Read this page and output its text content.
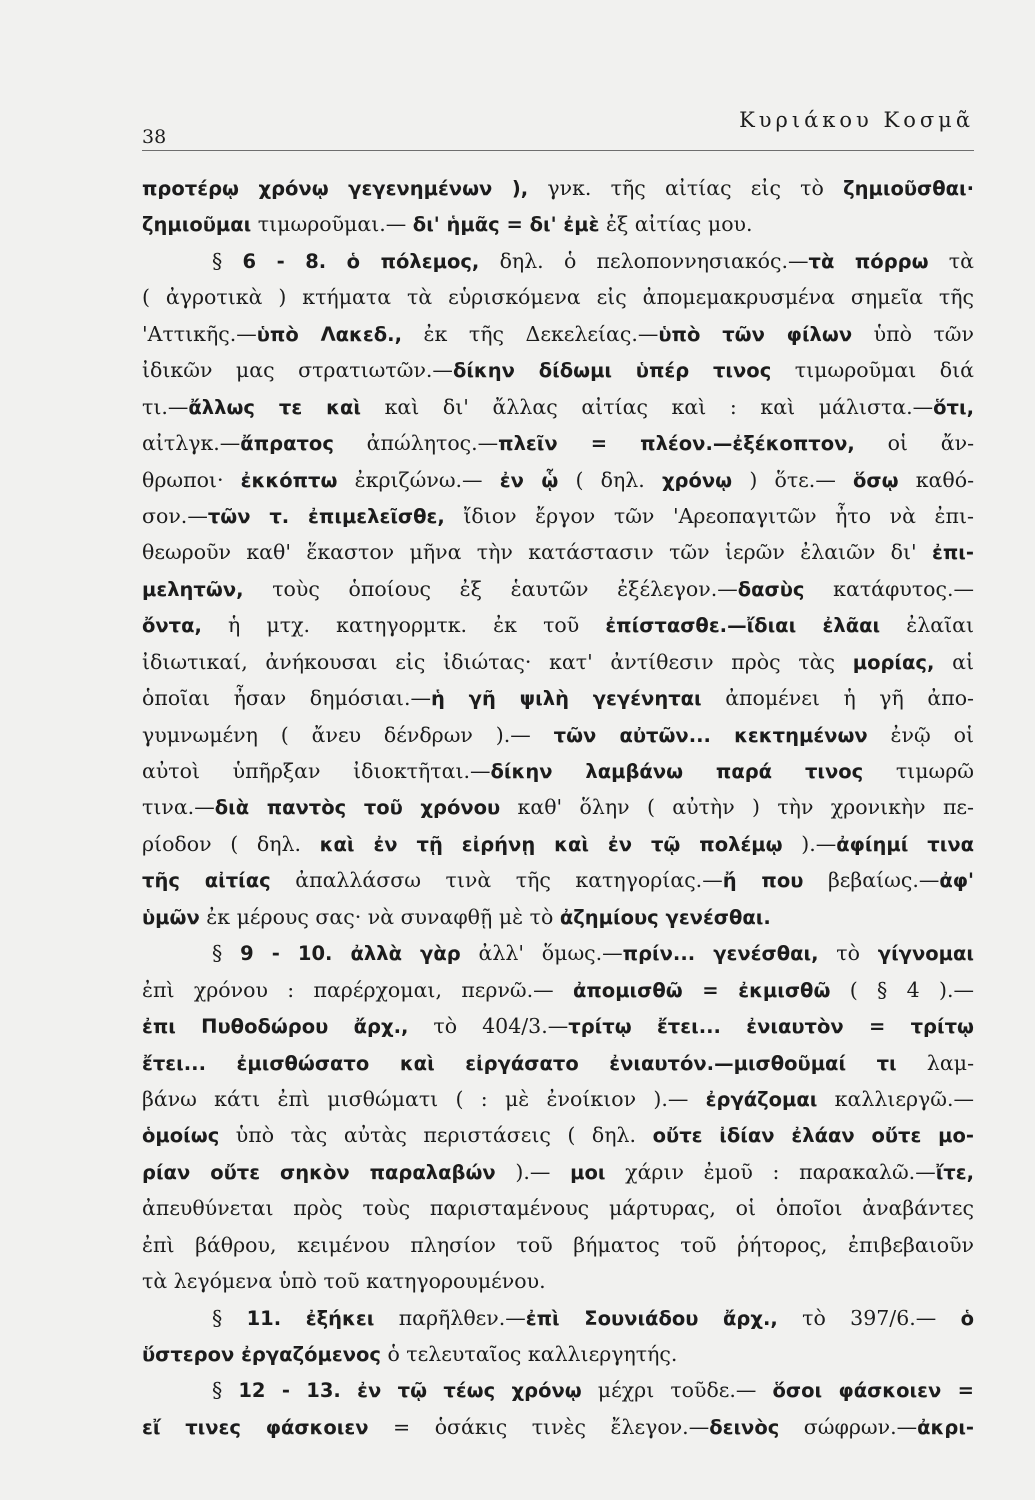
38
Κυριάκου Κοσμᾶ
προτέρῳ χρόνῳ γεγενημένων ), γνκ. τῆς αἰτίας εἰς τὸ ζημιοῦσθαι·
ζημιοῦμαι τιμωροῦμαι.— δι' ἡμᾶς = δι' ἐμὲ ἐξ αἰτίας μου.
§ 6 - 8. ὁ πόλεμος, δηλ. ὁ πελοποννησιακός.—τὰ πόρρω τὰ
( ἀγροτικὰ ) κτήματα τὰ εὑρισκόμενα εἰς ἀπομεμακρυσμένα σημεῖα τῆς
'Αττικῆς.—ὑπὸ Λακεδ., ἐκ τῆς Δεκελείας.—ὑπὸ τῶν φίλων ὑπὸ τῶν
ἰδικῶν μας στρατιωτῶν.—δίκην δίδωμι ὑπέρ τινος τιμωροῦμαι διά
τι.—ἄλλως τε καὶ καὶ δι' ἄλλας αἰτίας καὶ : καὶ μάλιστα.—ὅτι,
αἰτλγκ.—ἄπρατος ἀπώλητος.—πλεῖν = πλέον.—ἐξέκοπτον, οἱ ἄν-
θρωποι· ἐκκόπτω ἐκριζώνω.— ἐν ᾧ ( δηλ. χρόνῳ ) ὅτε.— ὅσῳ καθό-
σον.—τῶν τ. ἐπιμελεῖσθε, ἴδιον ἔργον τῶν 'Αρεοπαγιτῶν ἦτο νὰ ἐπι-
θεωροῦν καθ' ἕκαστον μῆνα τὴν κατάστασιν τῶν ἱερῶν ἐλαιῶν δι' ἐπι-
μελητῶν, τοὺς ὁποίους ἐξ ἑαυτῶν ἐξέλεγον.—δασὺς κατάφυτος.—
ὄντα, ἡ μτχ. κατηγορμτκ. ἐκ τοῦ ἐπίστασθε.—ἴδιαι ἐλᾶαι ἐλαῖαι
ἰδιωτικαί, ἀνήκουσαι εἰς ἰδιώτας· κατ' ἀντίθεσιν πρὸς τὰς μορίας, αἱ
ὁποῖαι ἦσαν δημόσιαι.—ἡ γῆ ψιλὴ γεγένηται ἀπομένει ἡ γῆ ἀπο-
γυμνωμένη ( ἄνευ δένδρων ).— τῶν αὐτῶν... κεκτημένων ἐνῷ οἱ
αὐτοὶ ὑπῆρξαν ἰδιοκτῆται.—δίκην λαμβάνω παρά τινος τιμωρῶ
τινα.—διὰ παντὸς τοῦ χρόνου καθ' ὅλην ( αὐτὴν ) τὴν χρονικὴν πε-
ρίοδον ( δηλ. καὶ ἐν τῇ εἰρήνῃ καὶ ἐν τῷ πολέμῳ ).—ἀφίημί τινα
τῆς αἰτίας ἀπαλλάσσω τινὰ τῆς κατηγορίας.—ἤ που βεβαίως.—ἀφ'
ὑμῶν ἐκ μέρους σας· νὰ συναφθῇ μὲ τὸ ἀζημίους γενέσθαι.
§ 9 - 10. ἀλλὰ γὰρ ἀλλ' ὅμως.—πρίν... γενέσθαι, τὸ γίγνομαι
ἐπὶ χρόνου : παρέρχομαι, περνῶ.— ἀπομισθῶ = ἐκμισθῶ ( § 4 ).—
ἐπι Πυθοδώρου ἄρχ., τὸ 404/3.—τρίτῳ ἔτει... ἐνιαυτὸν = τρίτῳ
ἔτει... ἐμισθώσατο καὶ εἰργάσατο ἐνιαυτόν.—μισθοῦμαί τι λαμ-
βάνω κάτι ἐπὶ μισθώματι ( : μὲ ἐνοίκιον ).— ἐργάζομαι καλλιεργῶ.—
ὁμοίως ὑπὸ τὰς αὐτὰς περιστάσεις ( δηλ. οὔτε ἰδίαν ἐλάαν οὔτε μο-
ρίαν οὔτε σηκὸν παραλαβών ).— μοι χάριν ἐμοῦ : παρακαλῶ.—ἴτε,
ἀπευθύνεται πρὸς τοὺς παρισταμένους μάρτυρας, οἱ ὁποῖοι ἀναβάντες
ἐπὶ βάθρου, κειμένου πλησίον τοῦ βήματος τοῦ ῥήτορος, ἐπιβεβαιοῦν
τὰ λεγόμενα ὑπὸ τοῦ κατηγορουμένου.
§ 11. ἐξήκει παρῆλθεν.—ἐπὶ Σουνιάδου ἄρχ., τὸ 397/6.— ὁ
ὕστερον ἐργαζόμενος ὁ τελευταῖος καλλιεργητής.
§ 12 - 13. ἐν τῷ τέως χρόνῳ μέχρι τοῦδε.— ὅσοι φάσκοιεν =
εἴ τινες φάσκοιεν = ὁσάκις τινὲς ἔλεγον.—δεινὸς σώφρων.—ἀκρι-
